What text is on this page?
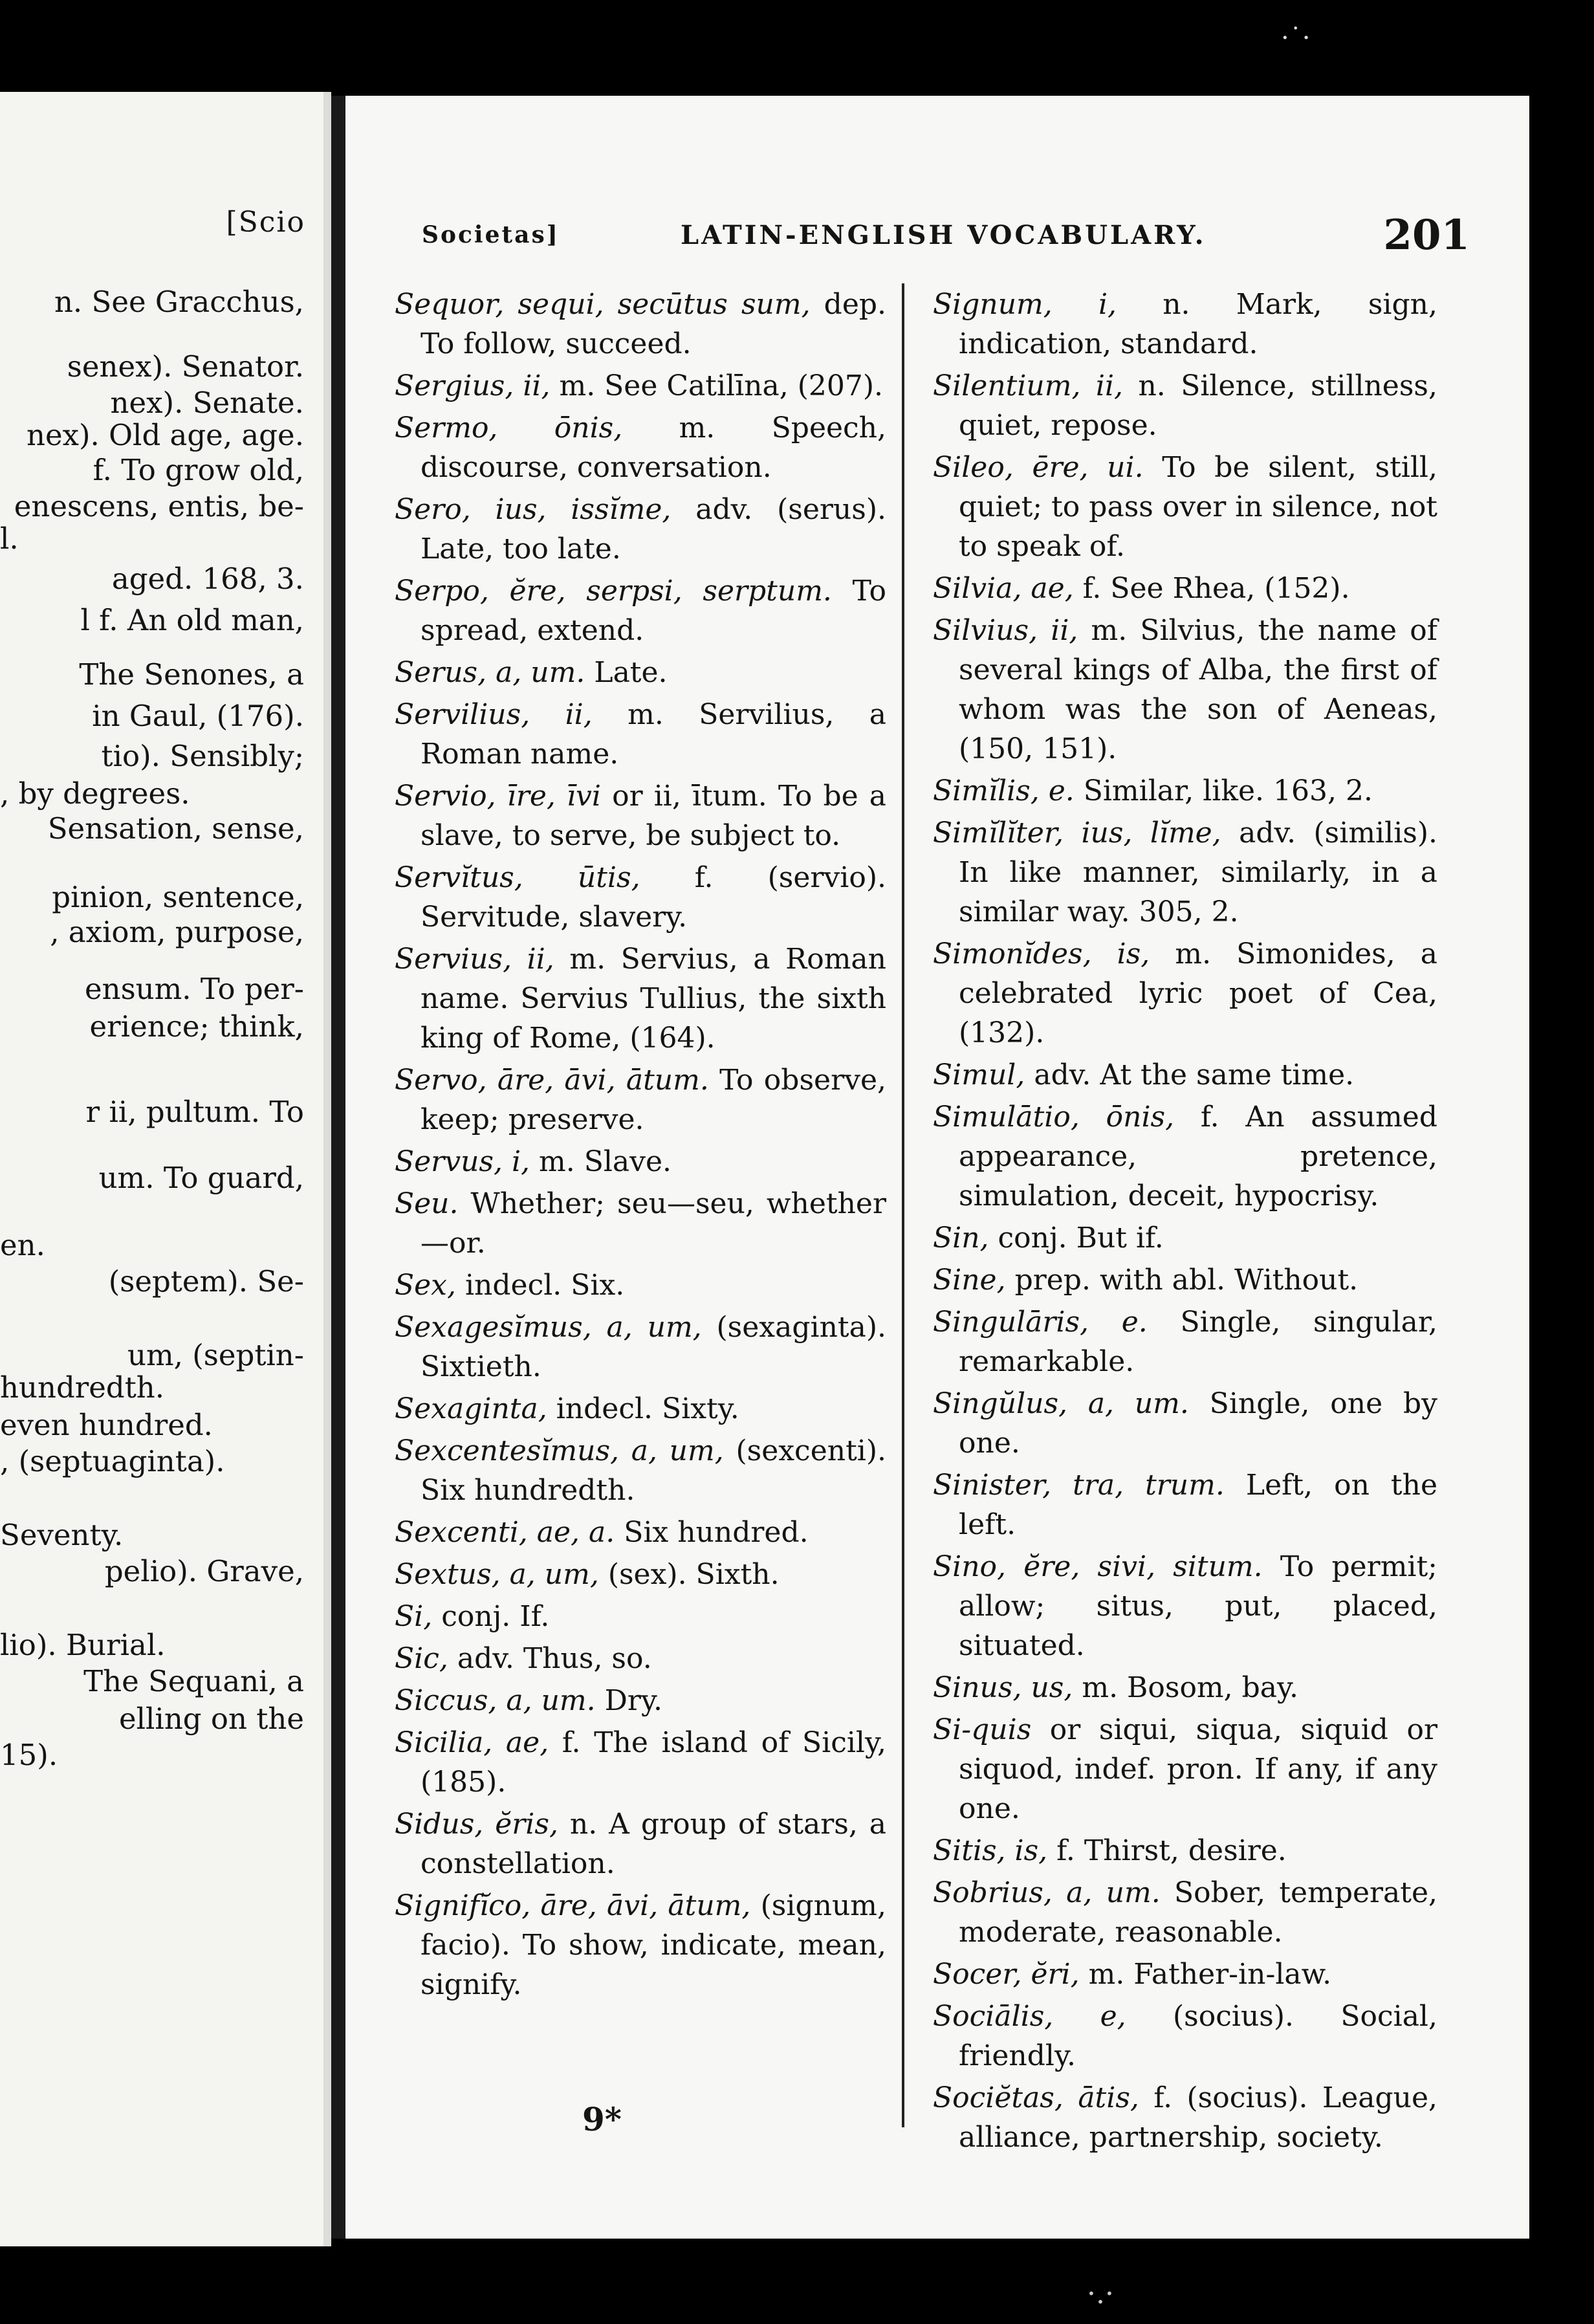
[Scio
n. See Gracchus,
senex). Senator.
nex). Senate.
nex). Old age, age.
f. To grow old,
enescens, entis, be-
l.
aged. 168, 3.
l f. An old man,
The Senones, a
in Gaul, (176).
tio). Sensibly;
, by degrees.
Sensation, sense,
pinion, sentence,
, axiom, purpose,
ensum. To per-
erience; think,
r ii, pultum. To
um. To guard,
en.
(septem). Se-
um, (septin-
hundredth.
even hundred.
, (septuaginta).
Seventy.
pelio). Grave,
lio). Burial.
The Sequani, a
elling on the
15).
Societas]	LATIN-ENGLISH VOCABULARY.	201
Sequor, sequi, secūtus sum, dep. To follow, succeed.
Sergius, ii, m. See Catilīna, (207).
Sermo, ōnis, m. Speech, discourse, conversation.
Sero, ius, issĭme, adv. (serus). Late, too late.
Serpo, ĕre, serpsi, serptum. To spread, extend.
Serus, a, um. Late.
Servilius, ii, m. Servilius, a Roman name.
Servio, īre, īvi or ii, ītum. To be a slave, to serve, be subject to.
Servĭtus, ūtis, f. (servio). Servitude, slavery.
Servius, ii, m. Servius, a Roman name. Servius Tullius, the sixth king of Rome, (164).
Servo, āre, āvi, ātum. To observe, keep; preserve.
Servus, i, m. Slave.
Seu. Whether; seu—seu, whether —or.
Sex, indecl. Six.
Sexagesĭmus, a, um, (sexaginta). Sixtieth.
Sexaginta, indecl. Sixty.
Sexcentesĭmus, a, um, (sexcenti). Six hundredth.
Sexcenti, ae, a. Six hundred.
Sextus, a, um, (sex). Sixth.
Si, conj. If.
Sic, adv. Thus, so.
Siccus, a, um. Dry.
Sicilia, ae, f. The island of Sicily, (185).
Sidus, ĕris, n. A group of stars, a constellation.
Signifĭco, āre, āvi, ātum, (signum, facio). To show, indicate, mean, signify.
Signum, i, n. Mark, sign, indication, standard.
Silentium, ii, n. Silence, stillness, quiet, repose.
Sileo, ēre, ui. To be silent, still, quiet; to pass over in silence, not to speak of.
Silvia, ae, f. See Rhea, (152).
Silvius, ii, m. Silvius, the name of several kings of Alba, the first of whom was the son of Aeneas, (150, 151).
Simĭlis, e. Similar, like. 163, 2.
Simĭlĭter, ius, lĭme, adv. (similis). In like manner, similarly, in a similar way. 305, 2.
Simonĭdes, is, m. Simonides, a celebrated lyric poet of Cea, (132).
Simul, adv. At the same time.
Simulātio, ōnis, f. An assumed appearance, pretence, simulation, deceit, hypocrisy.
Sin, conj. But if.
Sine, prep. with abl. Without.
Singulāris, e. Single, singular, remarkable.
Singŭlus, a, um. Single, one by one.
Sinister, tra, trum. Left, on the left.
Sino, ĕre, sivi, situm. To permit; allow; situs, put, placed, situated.
Sinus, us, m. Bosom, bay.
Si-quis or siqui, siqua, siquid or siquod, indef. pron. If any, if any one.
Sitis, is, f. Thirst, desire.
Sobrius, a, um. Sober, temperate, moderate, reasonable.
Socer, ĕri, m. Father-in-law.
Sociālis, e, (socius). Social, friendly.
Sociĕtas, ātis, f. (socius). League, alliance, partnership, society.
9*
·˙·
·.·
